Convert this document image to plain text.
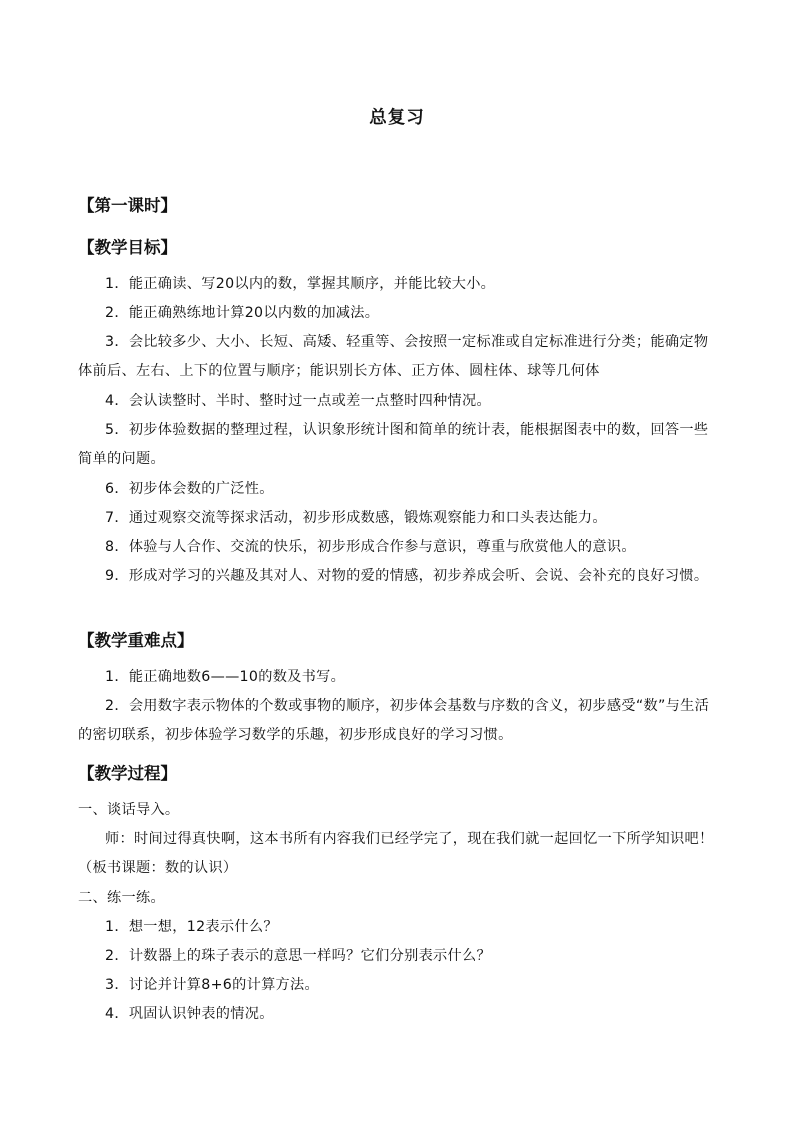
总复习
【第一课时】
【教学目标】
1．能正确读、写20以内的数，掌握其顺序，并能比较大小。
2．能正确熟练地计算20以内数的加减法。
3．会比较多少、大小、长短、高矮、轻重等、会按照一定标准或自定标准进行分类；能确定物体前后、左右、上下的位置与顺序；能识别长方体、正方体、圆柱体、球等几何体
4．会认读整时、半时、整时过一点或差一点整时四种情况。
5．初步体验数据的整理过程，认识象形统计图和简单的统计表，能根据图表中的数，回答一些简单的问题。
6．初步体会数的广泛性。
7．通过观察交流等探求活动，初步形成数感，锻炼观察能力和口头表达能力。
8．体验与人合作、交流的快乐，初步形成合作参与意识，尊重与欣赏他人的意识。
9．形成对学习的兴趣及其对人、对物的爱的情感，初步养成会听、会说、会补充的良好习惯。
【教学重难点】
1．能正确地数6——10的数及书写。
2．会用数字表示物体的个数或事物的顺序，初步体会基数与序数的含义，初步感受“数”与生活的密切联系，初步体验学习数学的乐趣，初步形成良好的学习习惯。
【教学过程】
一、谈话导入。
师：时间过得真快啊，这本书所有内容我们已经学完了，现在我们就一起回忆一下所学知识吧！（板书课题：数的认识）
二、练一练。
1．想一想，12表示什么？
2．计数器上的珠子表示的意思一样吗？它们分别表示什么？
3．讨论并计算8+6的计算方法。
4．巩固认识钟表的情况。
